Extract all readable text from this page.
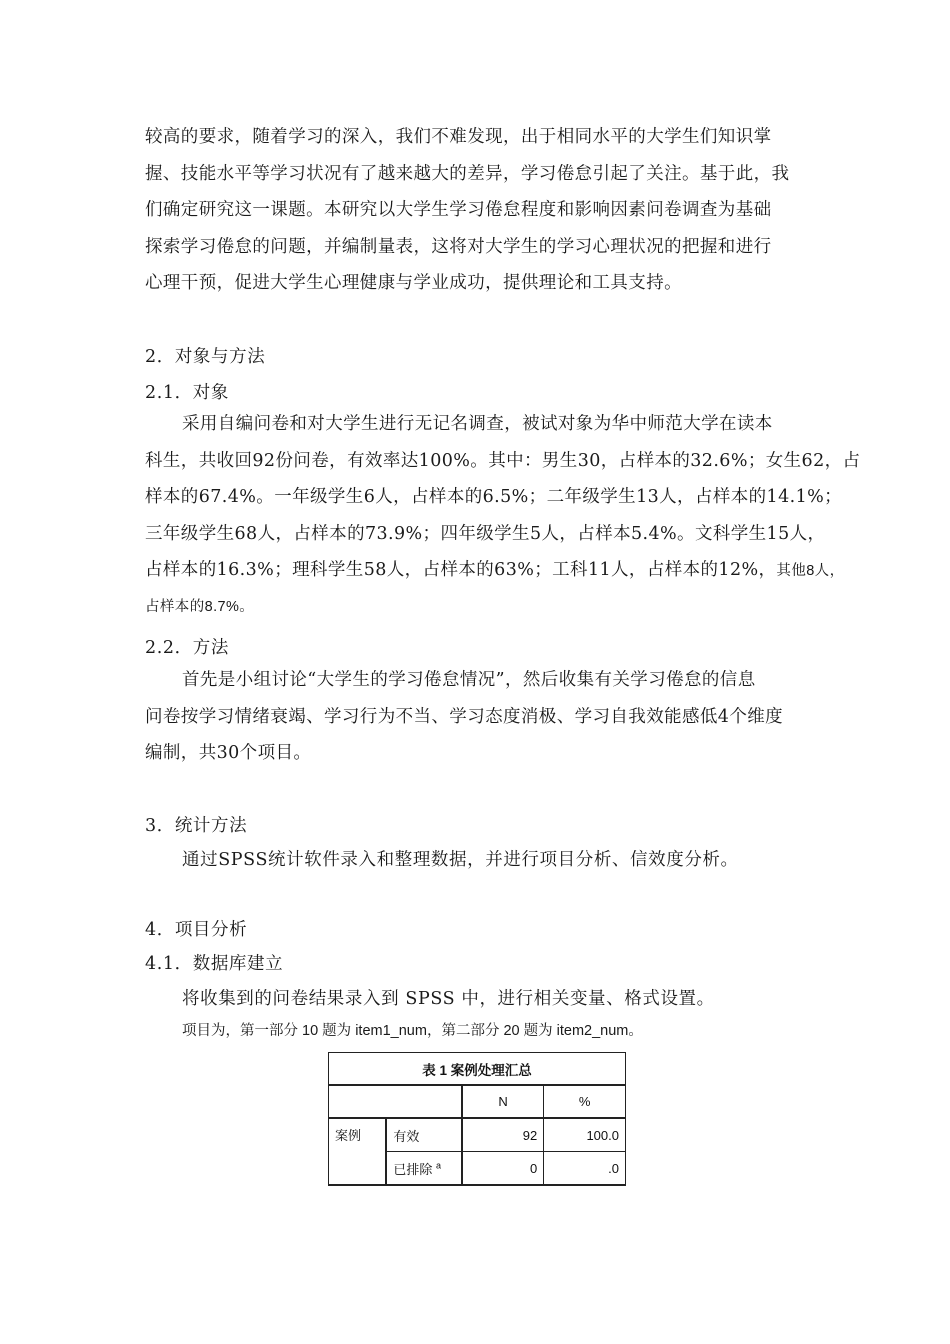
较高的要求，随着学习的深入，我们不难发现，出于相同水平的大学生们知识掌
握、技能水平等学习状况有了越来越大的差异，学习倦怠引起了关注。基于此，我
们确定研究这一课题。本研究以大学生学习倦怠程度和影响因素问卷调查为基础
探索学习倦怠的问题，并编制量表，这将对大学生的学习心理状况的把握和进行
心理干预，促进大学生心理健康与学业成功，提供理论和工具支持。
2．对象与方法
2.1．对象
采用自编问卷和对大学生进行无记名调查，被试对象为华中师范大学在读本
科生，共收回92份问卷，有效率达100%。其中：男生30，占样本的32.6%；女生62，占
样本的67.4%。一年级学生6人，占样本的6.5%；二年级学生13人，占样本的14.1%；
三年级学生68人，占样本的73.9%；四年级学生5人，占样本5.4%。文科学生15人，
占样本的16.3%；理科学生58人，占样本的63%；工科11人，占样本的12%，其他8人，
占样本的8.7%。
2.2．方法
首先是小组讨论“大学生的学习倦怠情况”，然后收集有关学习倦怠的信息
问卷按学习情绪衰竭、学习行为不当、学习态度消极、学习自我效能感低4个维度
编制，共30个项目。
3．统计方法
通过SPSS统计软件录入和整理数据，并进行项目分析、信效度分析。
4．项目分析
4.1．数据库建立
将收集到的问卷结果录入到 SPSS 中，进行相关变量、格式设置。
项目为，第一部分 10 题为 item1_num，第二部分 20 题为 item2_num。
表 1 案例处理汇总			
		N	%
案例	有效	92	100.0
	已排除 $^a$	0	.0
